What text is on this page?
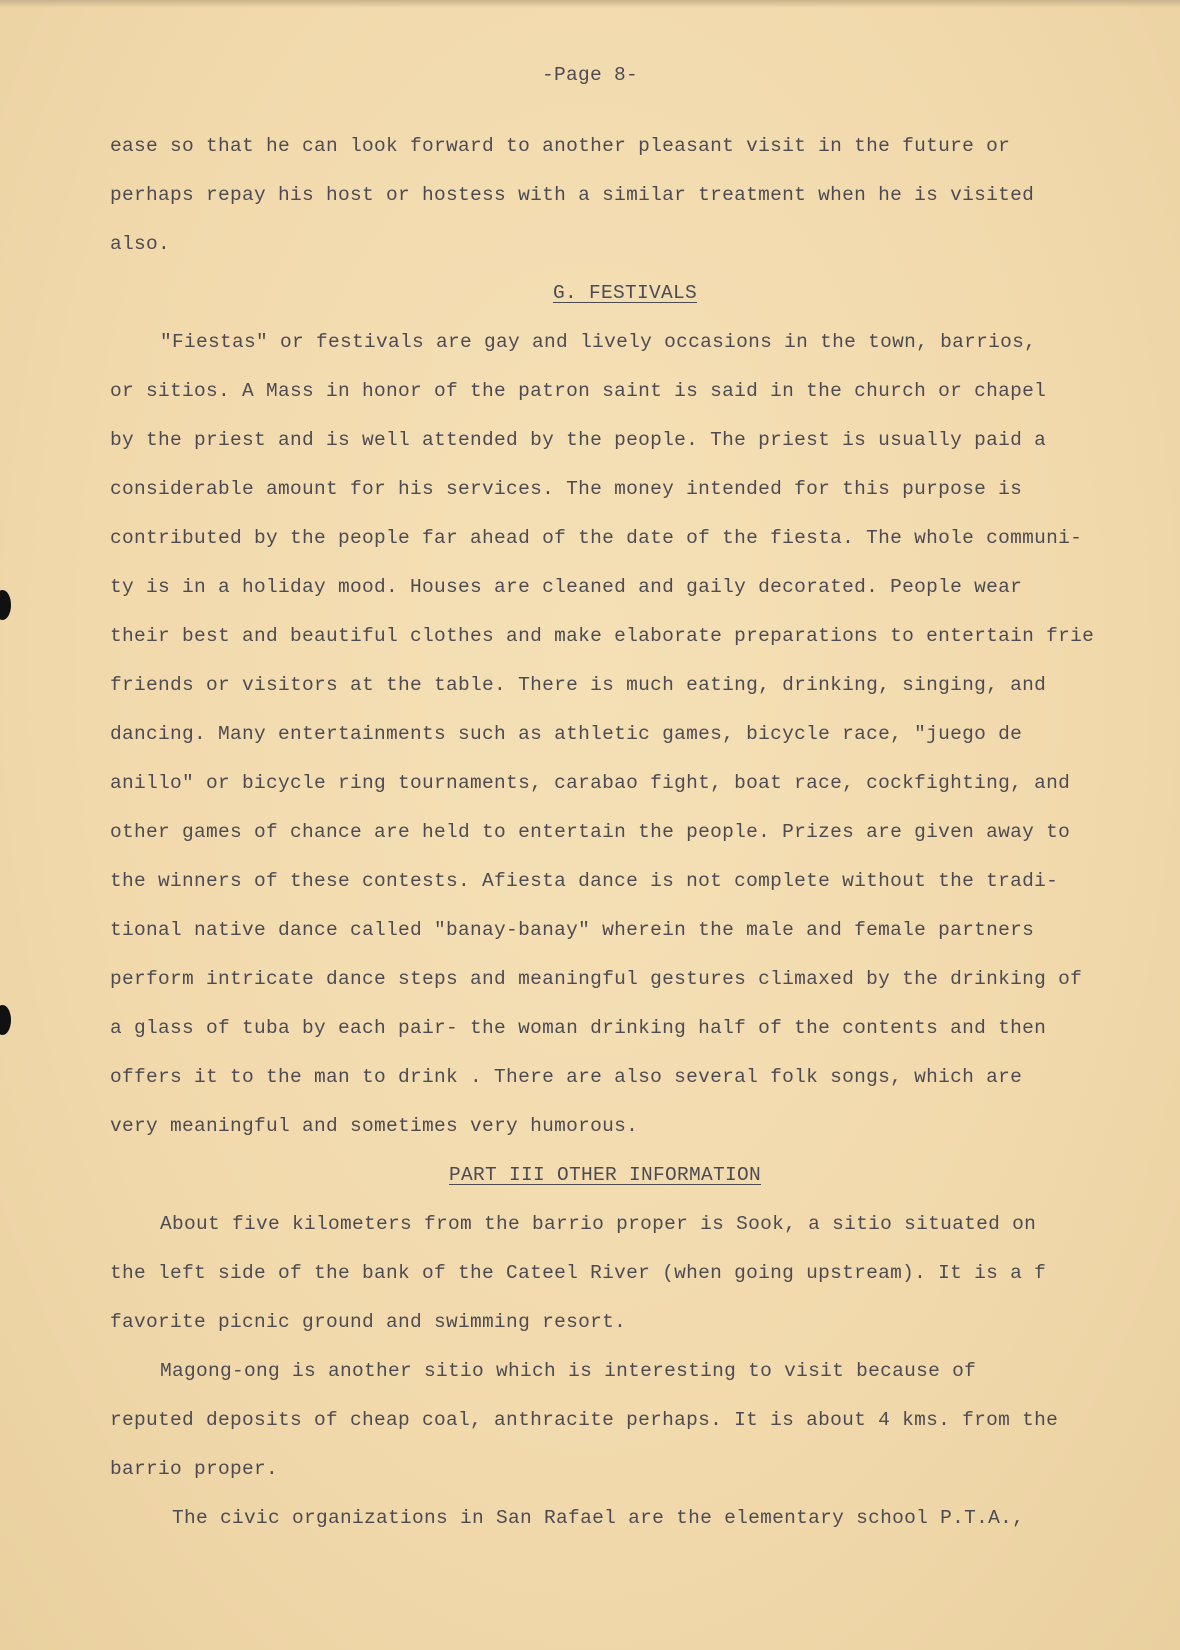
-Page 8-
ease so that he can look forward to another pleasant visit in the future or
perhaps repay his host or hostess with a similar treatment when he is visited
also.
G. FESTIVALS
"Fiestas" or festivals are gay and lively occasions in the town, barrios,
or sitios. A Mass in honor of the patron saint is said in the church or chapel
by the priest and is well attended by the people. The priest is usually paid a
considerable amount for his services. The money intended for this purpose is
contributed by the people far ahead of the date of the fiesta. The whole communi-
ty is in a holiday mood. Houses are cleaned and gaily decorated. People wear
their best and beautiful clothes and make elaborate preparations to entertain frie
friends or visitors at the table. There is much eating, drinking, singing, and
dancing. Many entertainments such as athletic games, bicycle race, "juego de
anillo" or bicycle ring tournaments, carabao fight, boat race, cockfighting, and
other games of chance are held to entertain the people. Prizes are given away to
the winners of these contests. Afiesta dance is not complete without the tradi-
tional native dance called "banay-banay" wherein the male and female partners
perform intricate dance steps and meaningful gestures climaxed by the drinking of
a glass of tuba by each pair- the woman drinking half of the contents and then
offers it to the man to drink . There are also several folk songs, which are
very meaningful and sometimes very humorous.
PART III OTHER INFORMATION
About five kilometers from the barrio proper is Sook, a sitio situated on
the left side of the bank of the Cateel River (when going upstream). It is a f
favorite picnic ground and swimming resort.
Magong-ong is another sitio which is interesting to visit because of
reputed deposits of cheap coal, anthracite perhaps. It is about 4 kms. from the
barrio proper.
The civic organizations in San Rafael are the elementary school P.T.A.,
